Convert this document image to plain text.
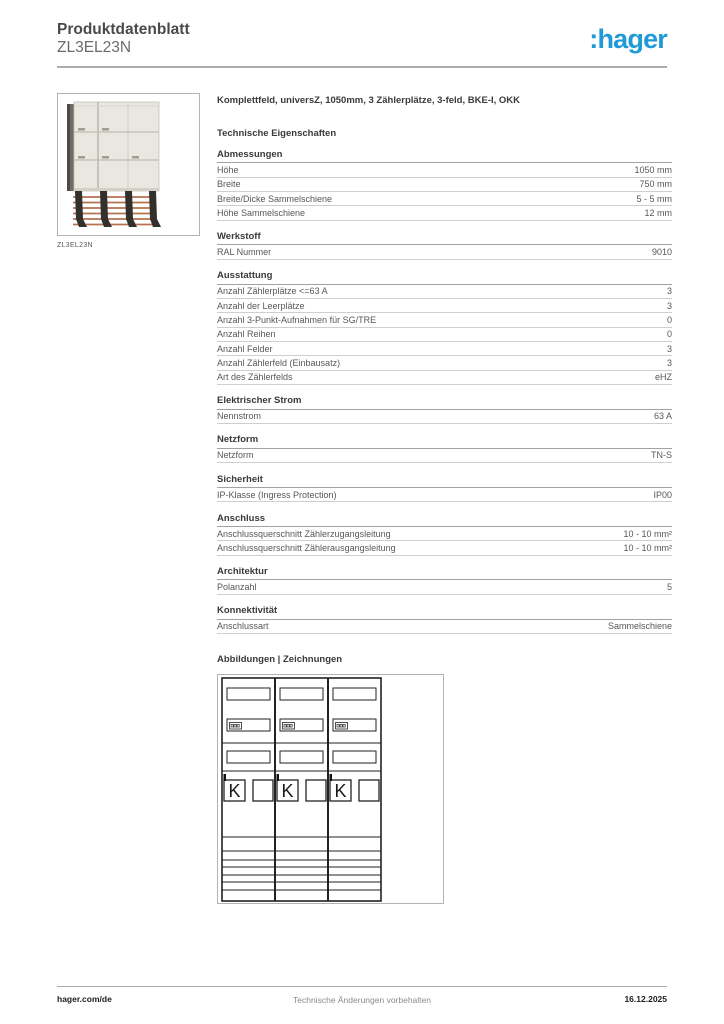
Produktdatenblatt
ZL3EL23N	:hager
ZL3EL23N
Komplettfeld, universZ, 1050mm, 3 Zählerplätze, 3-feld, BKE-I, OKK
Technische Eigenschaften
Abmessungen
Höhe	1050 mm
Breite	750 mm
Breite/Dicke Sammelschiene	5 - 5 mm
Höhe Sammelschiene	12 mm
Werkstoff
RAL Nummer	9010
Ausstattung
Anzahl Zählerplätze <=63 A	3
Anzahl der Leerplätze	3
Anzahl 3-Punkt-Aufnahmen für SG/TRE	0
Anzahl Reihen	0
Anzahl Felder	3
Anzahl Zählerfeld (Einbausatz)	3
Art des Zählerfelds	eHZ
Elektrischer Strom
Nennstrom	63 A
Netzform
Netzform	TN-S
Sicherheit
IP-Klasse (Ingress Protection)	IP00
Anschluss
Anschlussquerschnitt Zählerzugangsleitung	10 - 10 mm²
Anschlussquerschnitt Zählerausgangsleitung	10 - 10 mm²
Architektur
Polanzahl	5
Konnektivität
Anschlussart	Sammelschiene
Abbildungen | Zeichnungen
K K K
hager.com/de	Technische Änderungen vorbehalten	16.12.2025
